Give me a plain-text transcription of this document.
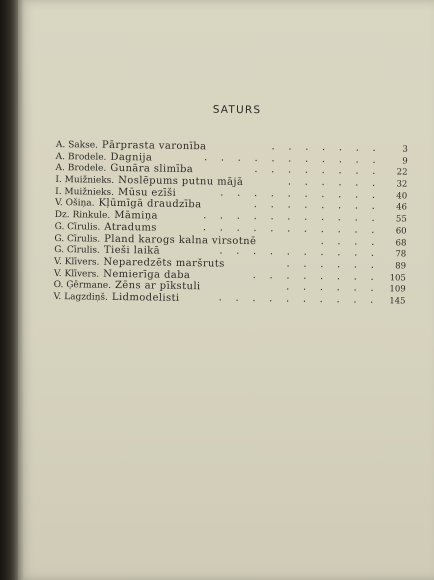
SATURS
A. Sakse. Pārprasta varonība	. . . . . . .	3
A. Brodele. Dagnija	. . . . . . . . . . .	9
A. Brodele. Gunāra slimība	. . . . . . . .	22
I. Muižnieks. Noslēpums putnu mājā	. . . . . .	32
I. Muižnieks. Mūsu ezīši	. . . . . . . . . .	40
V. Ošiņa. Kļūmīgā draudzība	. . . . . . . .	46
Dz. Rinkule. Māmiņa	. . . . . . . . . . .	55
G. Cīrulis. Atradums	. . . . . . . . . . .	60
G. Cīrulis. Pland karogs kalna virsotnē	. . . .	68
G. Cīrulis. Tieši laikā	. . . . . . . . . .	78
V. Klīvers. Neparedzēts maršruts	. . . . . .	89
V. Klīvers. Nemierīga daba	. . . . . . . .	105
O. Ģērmane. Zēns ar pīkstuli	. . . . . .	109
V. Lagzdiņš. Lidmodelisti	. . . . . . . . . .	145
